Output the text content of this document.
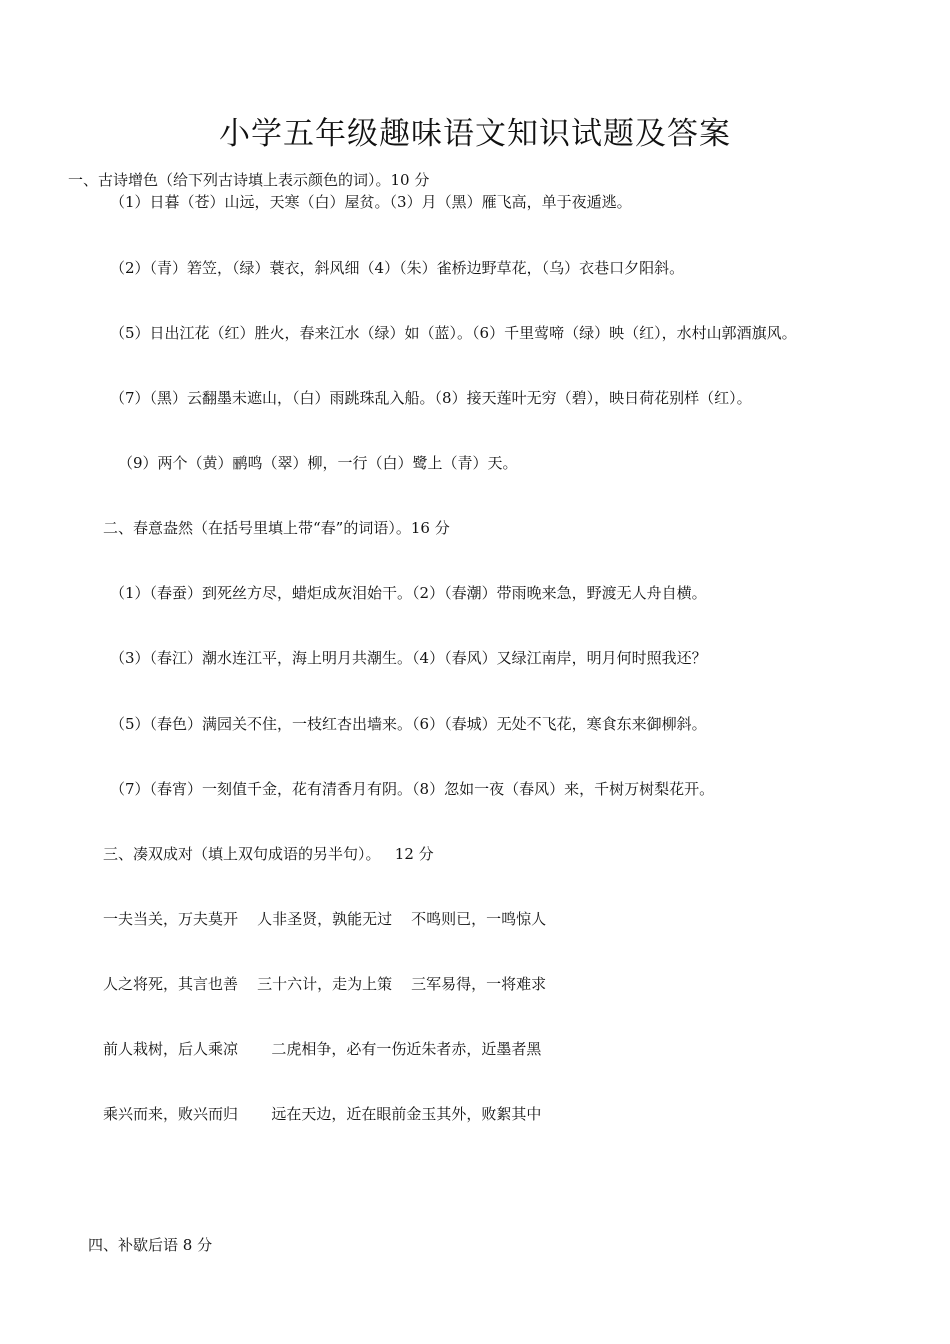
小学五年级趣味语文知识试题及答案
一、古诗增色（给下列古诗填上表示颜色的词）。10 分
（1）日暮（苍）山远，天寒（白）屋贫。（3）月（黑）雁飞高，单于夜遁逃。
（2）（青）箬笠，（绿）蓑衣，斜风细（4）（朱）雀桥边野草花，（乌）衣巷口夕阳斜。
（5）日出江花（红）胜火，春来江水（绿）如（蓝）。（6）千里莺啼（绿）映（红），水村山郭酒旗风。
（7）（黑）云翻墨未遮山，（白）雨跳珠乱入船。（8）接天莲叶无穷（碧），映日荷花别样（红）。
（9）两个（黄）鹂鸣（翠）柳，一行（白）鹭上（青）天。
二、春意盎然（在括号里填上带“春”的词语）。16 分
（1）（春蚕）到死丝方尽，蜡炬成灰泪始干。（2）（春潮）带雨晚来急，野渡无人舟自横。
（3）（春江）潮水连江平，海上明月共潮生。（4）（春风）又绿江南岸，明月何时照我还？
（5）（春色）满园关不住，一枝红杏出墙来。（6）（春城）无处不飞花，寒食东来御柳斜。
（7）（春宵）一刻值千金，花有清香月有阴。（8）忽如一夜（春风）来，千树万树梨花开。
三、凑双成对（填上双句成语的另半句）。   12 分
一夫当关，万夫莫开    人非圣贤，孰能无过    不鸣则已，一鸣惊人
人之将死，其言也善    三十六计，走为上策    三军易得，一将难求
前人栽树，后人乘凉       二虎相争，必有一伤近朱者赤，近墨者黑
乘兴而来，败兴而归       远在天边，近在眼前金玉其外，败絮其中
四、补歇后语 8 分
